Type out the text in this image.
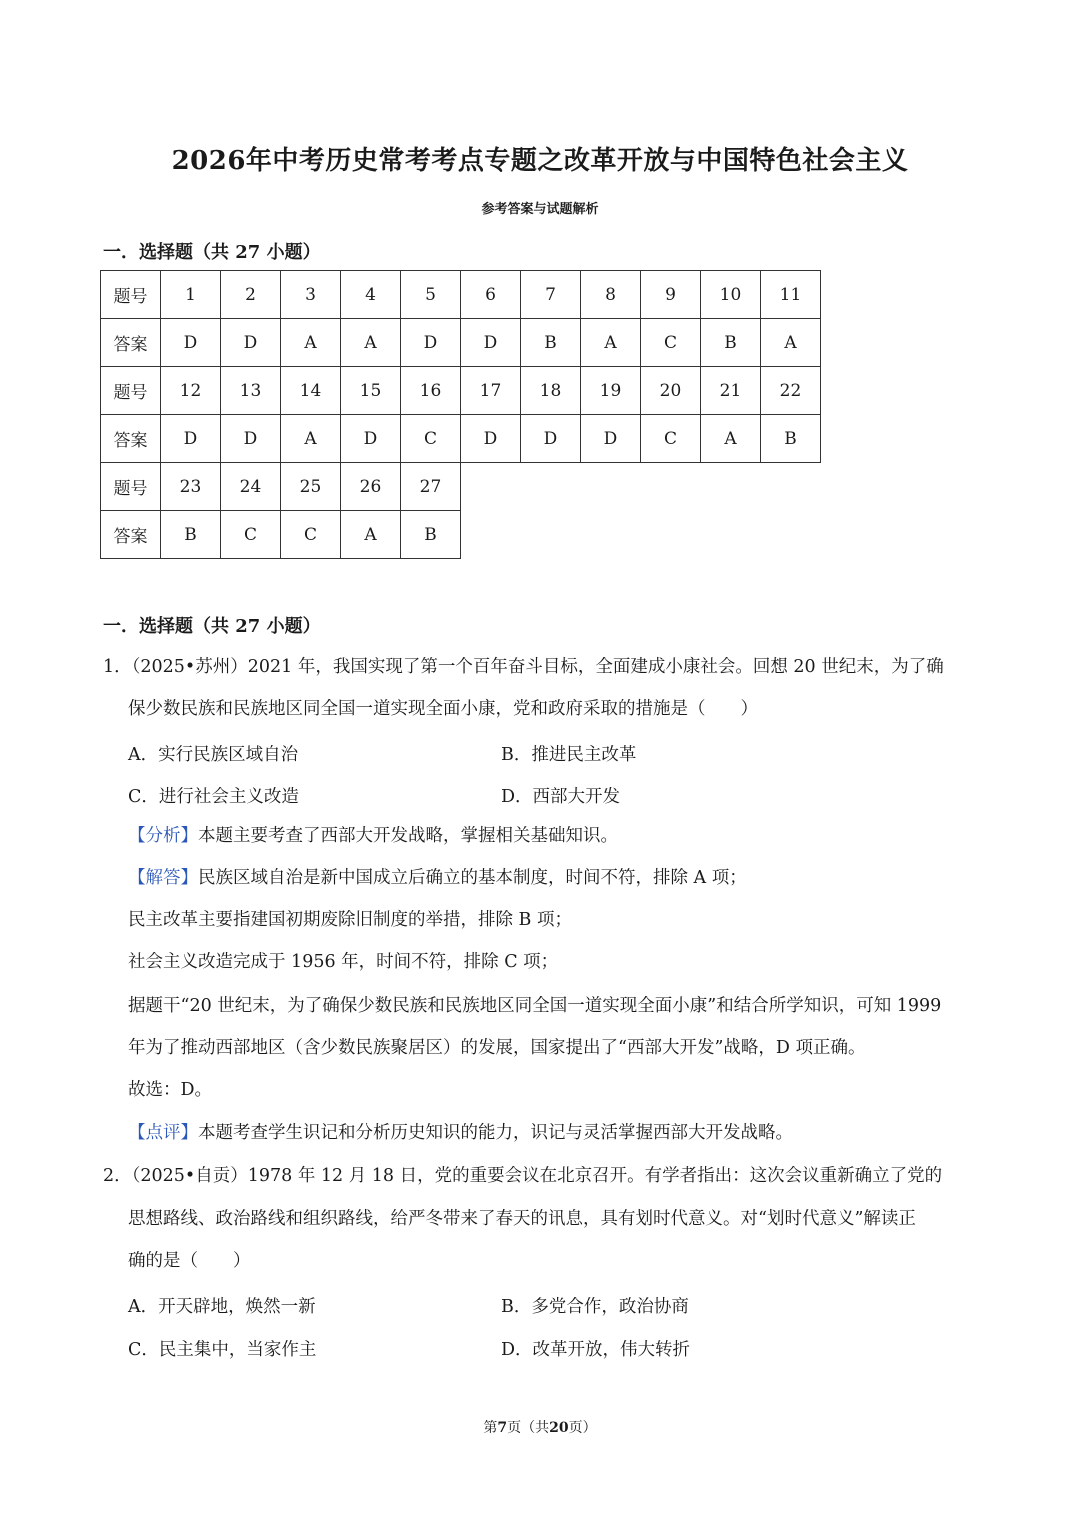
2026年中考历史常考考点专题之改革开放与中国特色社会主义
参考答案与试题解析
一．选择题（共 27 小题）
题号	1	2	3	4	5	6	7	8	9	10	11
答案	D	D	A	A	D	D	B	A	C	B	A
题号	12	13	14	15	16	17	18	19	20	21	22
答案	D	D	A	D	C	D	D	D	C	A	B
题号	23	24	25	26	27						
答案	B	C	C	A	B						
一．选择题（共 27 小题）
1．（2025•苏州）2021 年，我国实现了第一个百年奋斗目标，全面建成小康社会。回想 20 世纪末，为了确
保少数民族和民族地区同全国一道实现全面小康，党和政府采取的措施是（　　）
A．实行民族区域自治	B．推进民主改革
C．进行社会主义改造	D．西部大开发
【分析】本题主要考查了西部大开发战略，掌握相关基础知识。
【解答】民族区域自治是新中国成立后确立的基本制度，时间不符，排除 A 项；
民主改革主要指建国初期废除旧制度的举措，排除 B 项；
社会主义改造完成于 1956 年，时间不符，排除 C 项；
据题干“20 世纪末，为了确保少数民族和民族地区同全国一道实现全面小康”和结合所学知识，可知 1999
年为了推动西部地区（含少数民族聚居区）的发展，国家提出了“西部大开发”战略，D 项正确。
故选：D。
【点评】本题考查学生识记和分析历史知识的能力，识记与灵活掌握西部大开发战略。
2．（2025•自贡）1978 年 12 月 18 日，党的重要会议在北京召开。有学者指出：这次会议重新确立了党的
思想路线、政治路线和组织路线，给严冬带来了春天的讯息，具有划时代意义。对“划时代意义”解读正
确的是（　　）
A．开天辟地，焕然一新	B．多党合作，政治协商
C．民主集中，当家作主	D．改革开放，伟大转折
第7页（共20页）
